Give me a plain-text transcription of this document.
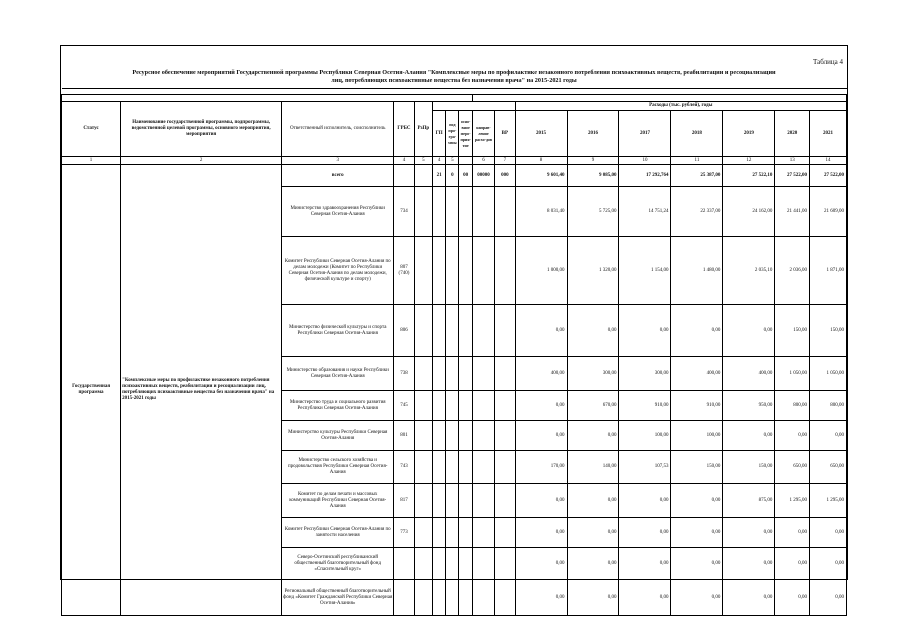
Таблица 4
Ресурсное обеспечение мероприятий Государственной программы Республики Северная Осетия-Алания "Комплексные меры по профилактике незаконного потребления психоактивных веществ, реабилитации и ресоциализации
лиц, потребляющих психоактивные вещества без назначения врача" на 2015-2021 годы

Статус	Наименование государственной программы, подпрограммы, ведомственной целевой программы, основного мероприятия, мероприятия	Ответственный исполнитель, соисполнитель	ГРБС	РзПр						Расходы (тыс. рублей), годы						
					ГП	под про-гра-ммы	осно-вное меро-прия-тие	направ-ление расхо-дов	ВР	2015	2016	2017	2018	2019	2020	2021
1	2	3	4	5	4	5		6	7	8	9	10	11	12	13	14
Государственная программа	"Комплексные меры по профилактике незаконного потребления психоактивных веществ, реабилитации и ресоциализации лиц, потребляющих психоактивные вещества без назначения врача" на 2015-2021 годы	всего			21	0	00	00000	000	9 601,40	9 085,00	17 292,764	25 387,00	27 522,10	27 522,00	27 522,00
		Министерство здравоохранения Республики Северная Осетия-Алания	734							8 031,40	5 725,00	14 751,24	22 337,00	24 162,00	21 441,00	21 609,00
		Комитет Республики Северная Осетия-Алания по делам молодежи (Комитет по Республики Северная Осетия-Алания по делам молодежи, физической культуре и спорту)	807 (740)							1 000,00	1 320,00	1 154,00	1 480,00	2 035,10	2 036,00	1 871,00
		Министерство физической культуры и спорта Республики Северная Осетия-Алания	806							0,00	0,00	0,00	0,00	0,00	150,00	150,00
		Министерство образования и науки Республики Северная Осетия-Алания	738							400,00	300,00	300,00	400,00	400,00	1 050,00	1 050,00
		Министерство труда и социального развития Республики Северная Осетия-Алания	745							0,00	670,00	910,00	910,00	950,00	800,00	800,00
		Министерство культуры Республики Северная Осетия-Алания	801							0,00	0,00	100,00	100,00	0,00	0,00	0,00
		Министерство сельского хозяйства и продовольствия Республики Северная Осетия-Алания	743							170,00	140,00	107,53	150,00	150,00	650,00	650,00
		Комитет по делам печати и массовых коммуникаций Республики Северная Осетия-Алания	817							0,00	0,00	0,00	0,00	875,00	1 295,00	1 295,00
		Комитет Республики Северная Осетия-Алания по занятости населения	773							0,00	0,00	0,00	0,00	0,00	0,00	0,00
		Северо-Осетинский республиканский общественный благотворительный фонд «Спасительный круг»								0,00	0,00	0,00	0,00	0,00	0,00	0,00
		Региональный общественный благотворительный фонд «Комитет Гражданской Республики Северная Осетия-Алания»								0,00	0,00	0,00	0,00	0,00	0,00	0,00
